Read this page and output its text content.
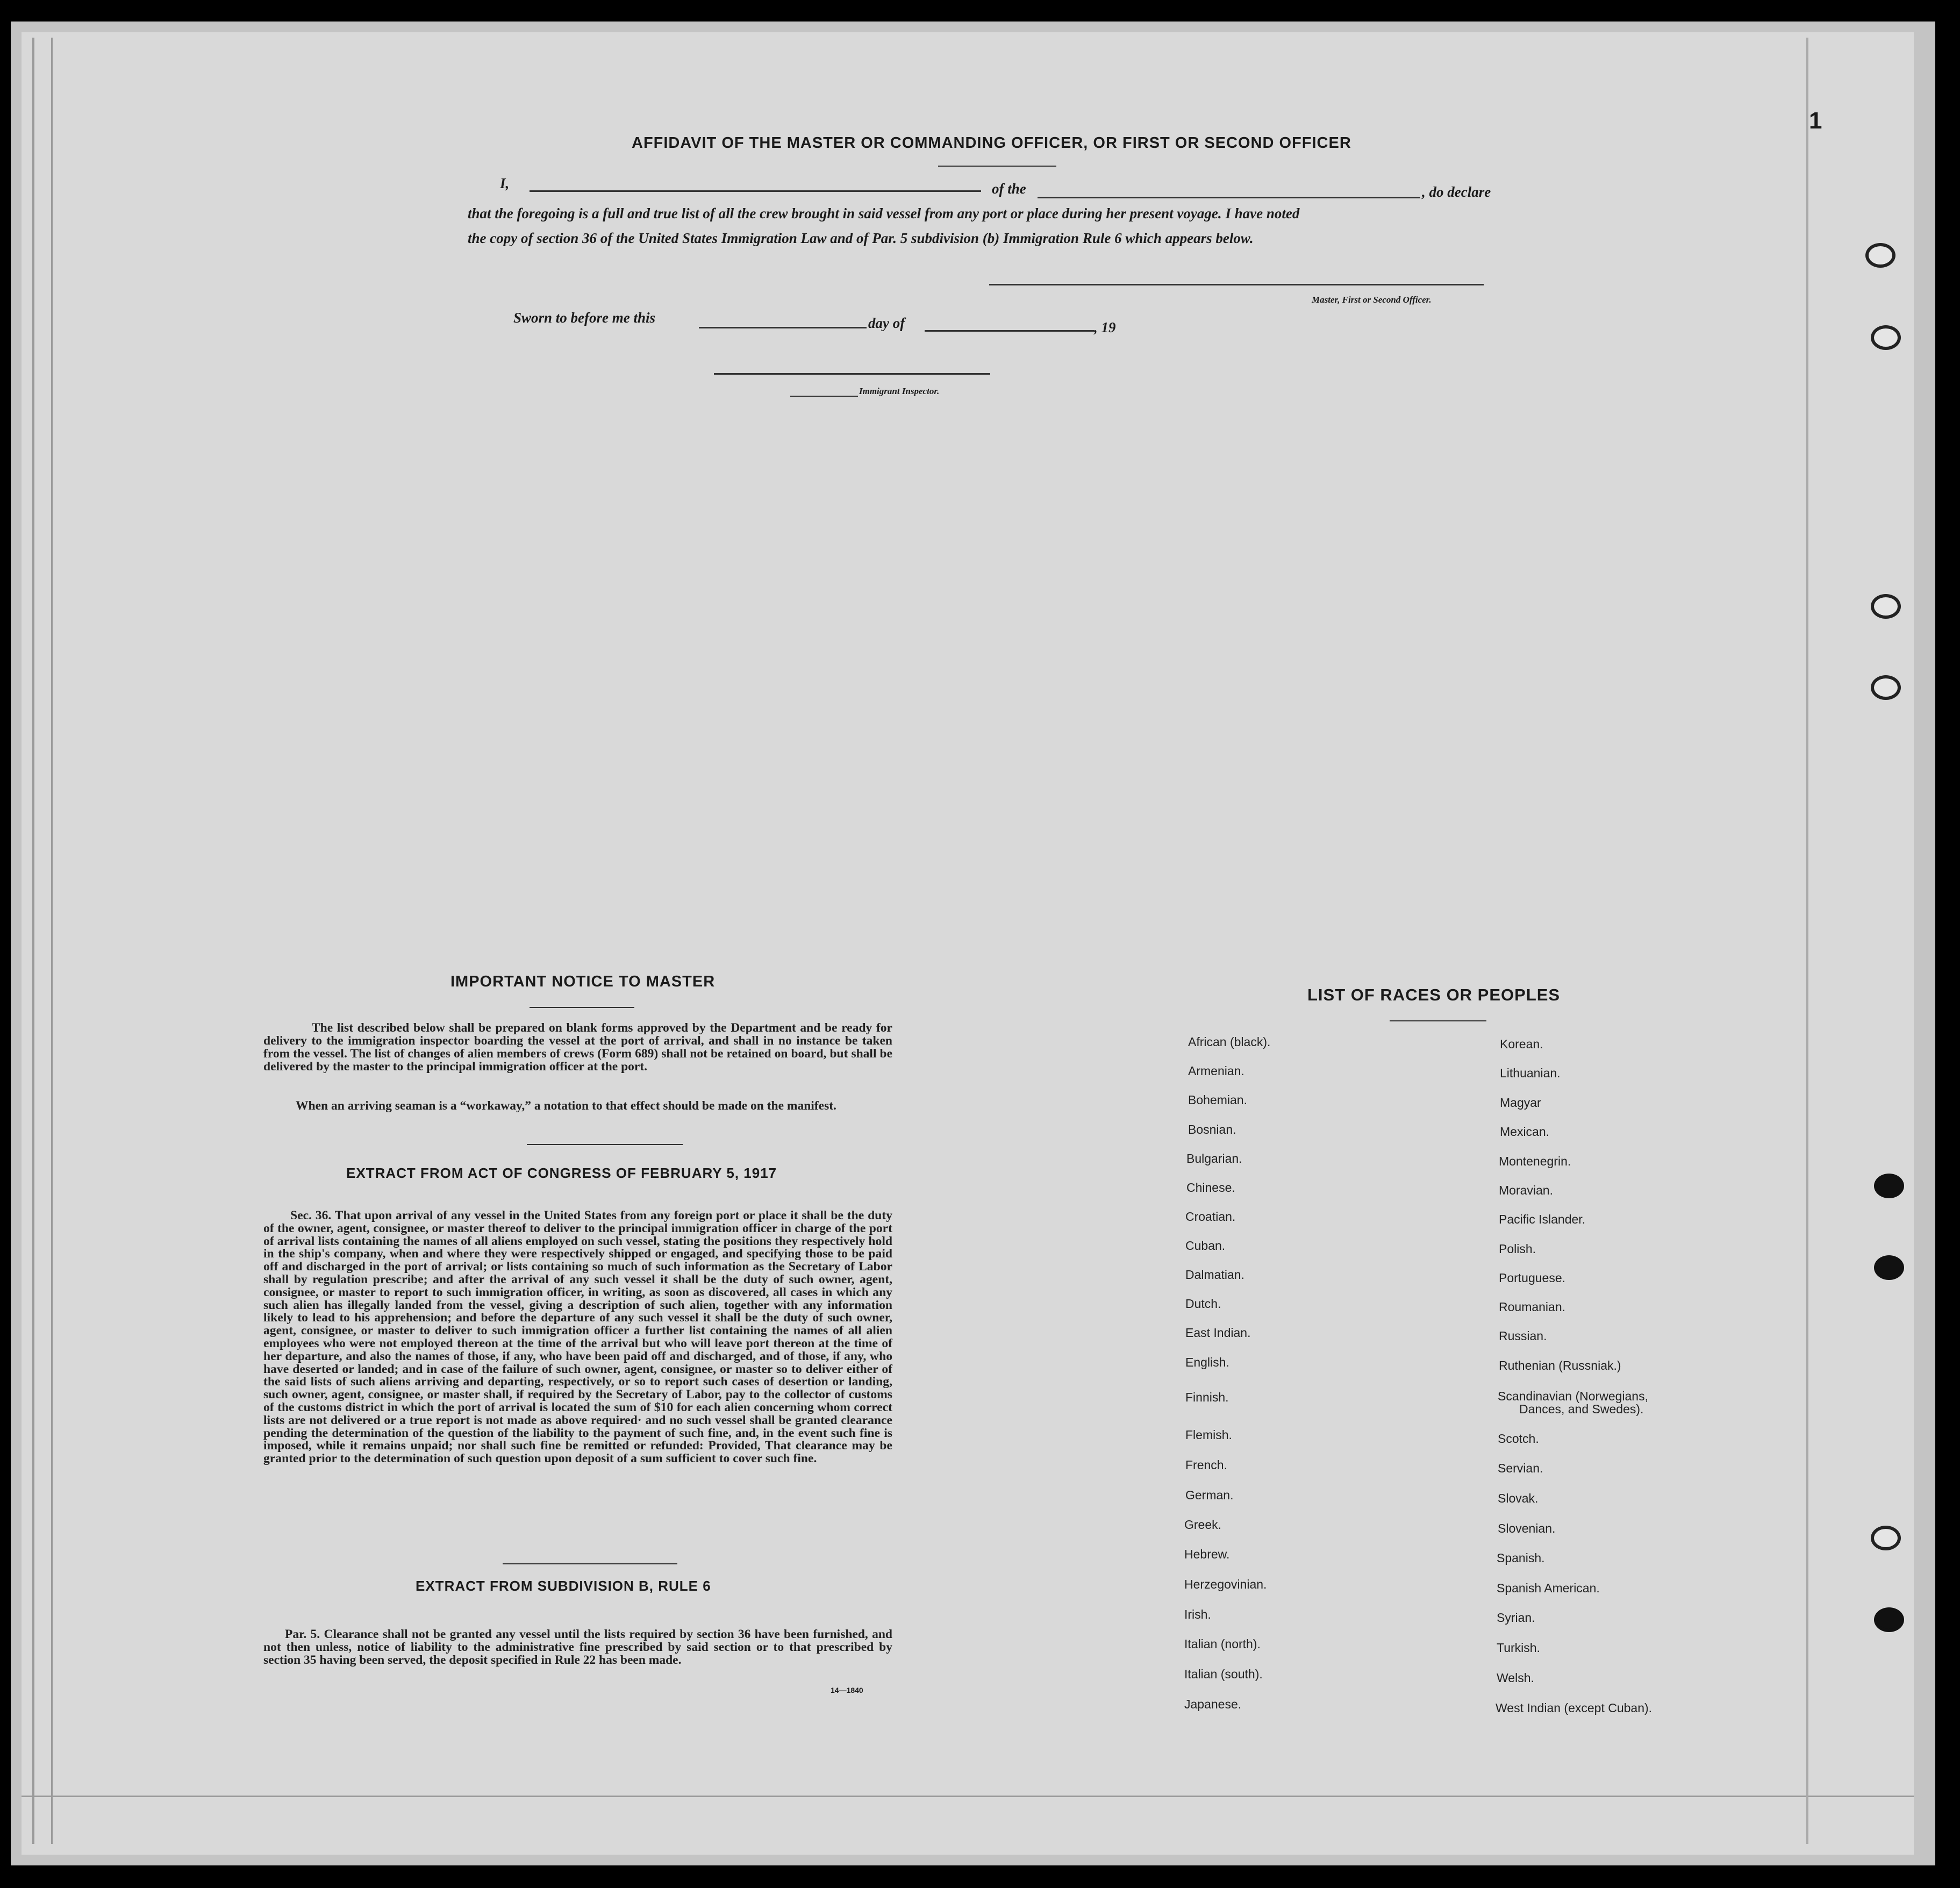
1
AFFIDAVIT OF THE MASTER OR COMMANDING OFFICER, OR FIRST OR SECOND OFFICER
I,	of the	, do declare
that the foregoing is a full and true list of all the crew brought in said vessel from any port or place during her present voyage. I have noted
the copy of section 36 of the United States Immigration Law and of Par. 5 subdivision (b) Immigration Rule 6 which appears below.
Master, First or Second Officer.
Sworn to before me this	day of	, 19
Immigrant Inspector.
IMPORTANT NOTICE TO MASTER
The list described below shall be prepared on blank forms approved by the Department and be ready for delivery to the immigration inspector boarding the vessel at the port of arrival, and shall in no instance be taken from the vessel. The list of changes of alien members of crews (Form 689) shall not be retained on board, but shall be delivered by the master to the principal immigration officer at the port.
When an arriving seaman is a “workaway,” a notation to that effect should be made on the manifest.
EXTRACT FROM ACT OF CONGRESS OF FEBRUARY 5, 1917
Sec. 36. That upon arrival of any vessel in the United States from any foreign port or place it shall be the duty of the owner, agent, consignee, or master thereof to deliver to the principal immigration officer in charge of the port of arrival lists containing the names of all aliens employed on such vessel, stating the positions they respectively hold in the ship's company, when and where they were respectively shipped or engaged, and specifying those to be paid off and discharged in the port of arrival; or lists containing so much of such information as the Secretary of Labor shall by regulation prescribe; and after the arrival of any such vessel it shall be the duty of such owner, agent, consignee, or master to report to such immigration officer, in writing, as soon as discovered, all cases in which any such alien has illegally landed from the vessel, giving a description of such alien, together with any information likely to lead to his apprehension; and before the departure of any such vessel it shall be the duty of such owner, agent, consignee, or master to deliver to such immigration officer a further list containing the names of all alien employees who were not employed thereon at the time of the arrival but who will leave port thereon at the time of her departure, and also the names of those, if any, who have been paid off and discharged, and of those, if any, who have deserted or landed; and in case of the failure of such owner, agent, consignee, or master so to deliver either of the said lists of such aliens arriving and departing, respectively, or so to report such cases of desertion or landing, such owner, agent, consignee, or master shall, if required by the Secretary of Labor, pay to the collector of customs of the customs district in which the port of arrival is located the sum of $10 for each alien concerning whom correct lists are not delivered or a true report is not made as above required· and no such vessel shall be granted clearance pending the determination of the question of the liability to the payment of such fine, and, in the event such fine is imposed, while it remains unpaid; nor shall such fine be remitted or refunded: Provided, That clearance may be granted prior to the determination of such question upon deposit of a sum sufficient to cover such fine.
EXTRACT FROM SUBDIVISION B, RULE 6
Par. 5. Clearance shall not be granted any vessel until the lists required by section 36 have been furnished, and not then unless, notice of liability to the administrative fine prescribed by said section or to that prescribed by section 35 having been served, the deposit specified in Rule 22 has been made.
14—1840
LIST OF RACES OR PEOPLES
African (black).
Armenian.
Bohemian.
Bosnian.
Bulgarian.
Chinese.
Croatian.
Cuban.
Dalmatian.
Dutch.
East Indian.
English.
Finnish.
Flemish.
French.
German.
Greek.
Hebrew.
Herzegovinian.
Irish.
Italian (north).
Italian (south).
Japanese.
Korean.
Lithuanian.
Magyar
Mexican.
Montenegrin.
Moravian.
Pacific Islander.
Polish.
Portuguese.
Roumanian.
Russian.
Ruthenian (Russniak.)
Scandinavian (Norwegians,
Dances, and Swedes).
Scotch.
Servian.
Slovak.
Slovenian.
Spanish.
Spanish American.
Syrian.
Turkish.
Welsh.
West Indian (except Cuban).
